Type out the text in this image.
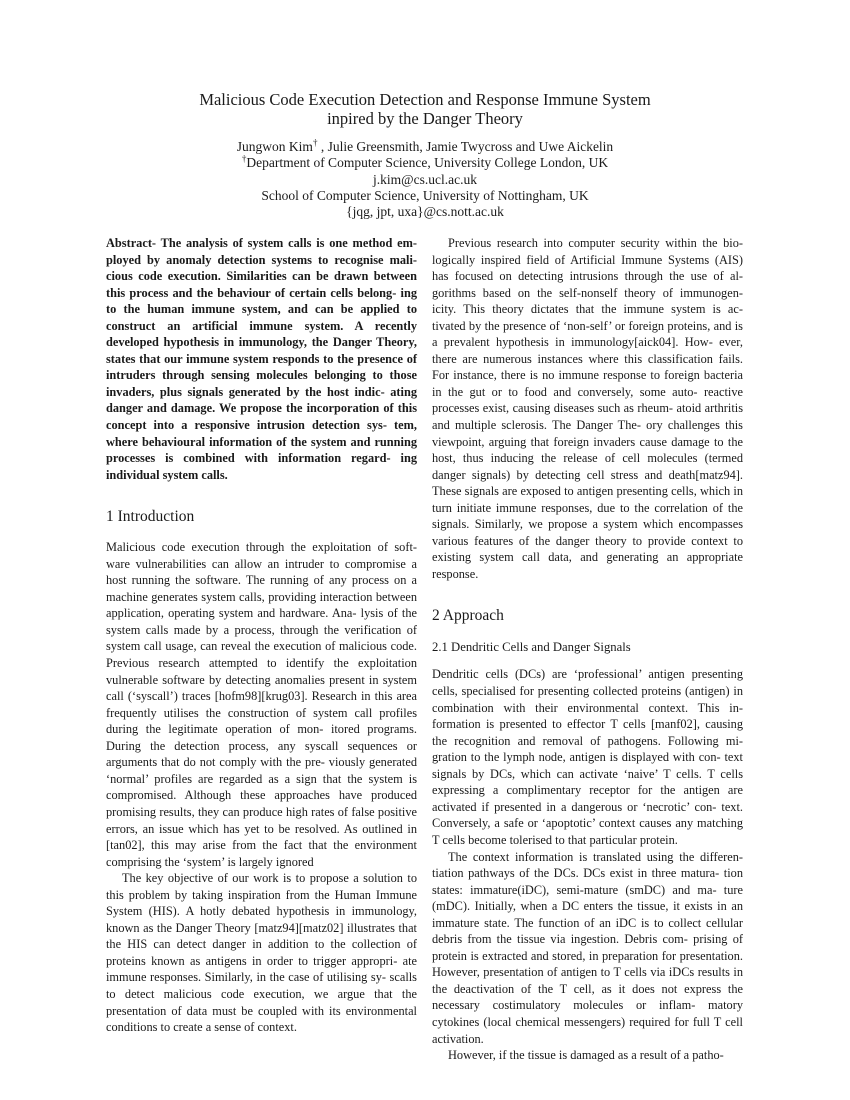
Malicious Code Execution Detection and Response Immune System

inpired by the Danger Theory

Jungwon Kim† , Julie Greensmith, Jamie Twycross and Uwe Aickelin

†Department of Computer Science, University College London, UK

j.kim@cs.ucl.ac.uk

School of Computer Science, University of Nottingham, UK

{jqg, jpt, uxa}@cs.nott.ac.uk

Abstract- The analysis of system calls is one method em- ployed by anomaly detection systems to recognise mali- cious code execution. Similarities can be drawn between this process and the behaviour of certain cells belong- ing to the human immune system, and can be applied to construct an artificial immune system. A recently developed hypothesis in immunology, the Danger Theory, states that our immune system responds to the presence of intruders through sensing molecules belonging to those invaders, plus signals generated by the host indic- ating danger and damage. We propose the incorporation of this concept into a responsive intrusion detection sys- tem, where behavioural information of the system and running processes is combined with information regard- ing individual system calls.

1 Introduction

Malicious code execution through the exploitation of soft- ware vulnerabilities can allow an intruder to compromise a host running the software. The running of any process on a machine generates system calls, providing interaction between application, operating system and hardware. Ana- lysis of the system calls made by a process, through the verification of system call usage, can reveal the execution of malicious code. Previous research attempted to identify the exploitation vulnerable software by detecting anomalies present in system call (‘syscall’) traces [hofm98][krug03]. Research in this area frequently utilises the construction of system call profiles during the legitimate operation of mon- itored programs. During the detection process, any syscall sequences or arguments that do not comply with the pre- viously generated ‘normal’ profiles are regarded as a sign that the system is compromised. Although these approaches have produced promising results, they can produce high rates of false positive errors, an issue which has yet to be resolved. As outlined in [tan02], this may arise from the fact that the environment comprising the ‘system’ is largely ignored

The key objective of our work is to propose a solution to this problem by taking inspiration from the Human Immune System (HIS). A hotly debated hypothesis in immunology, known as the Danger Theory [matz94][matz02] illustrates that the HIS can detect danger in addition to the collection of proteins known as antigens in order to trigger appropri- ate immune responses. Similarly, in the case of utilising sy- scalls to detect malicious code execution, we argue that the presentation of data must be coupled with its environmental conditions to create a sense of context.

Previous research into computer security within the bio- logically inspired field of Artificial Immune Systems (AIS) has focused on detecting intrusions through the use of al- gorithms based on the self-nonself theory of immunogen- icity. This theory dictates that the immune system is ac- tivated by the presence of ‘non-self’ or foreign proteins, and is a prevalent hypothesis in immunology[aick04]. How- ever, there are numerous instances where this classification fails. For instance, there is no immune response to foreign bacteria in the gut or to food and conversely, some auto- reactive processes exist, causing diseases such as rheum- atoid arthritis and multiple sclerosis. The Danger The- ory challenges this viewpoint, arguing that foreign invaders cause damage to the host, thus inducing the release of cell molecules (termed danger signals) by detecting cell stress and death[matz94]. These signals are exposed to antigen presenting cells, which in turn initiate immune responses, due to the correlation of the signals. Similarly, we propose a system which encompasses various features of the danger theory to provide context to existing system call data, and generating an appropriate response.

2 Approach
2.1 Dendritic Cells and Danger Signals

Dendritic cells (DCs) are ‘professional’ antigen presenting cells, specialised for presenting collected proteins (antigen) in combination with their environmental context. This in- formation is presented to effector T cells [manf02], causing the recognition and removal of pathogens. Following mi- gration to the lymph node, antigen is displayed with con- text signals by DCs, which can activate ‘naive’ T cells. T cells expressing a complimentary receptor for the antigen are activated if presented in a dangerous or ‘necrotic’ con- text. Conversely, a safe or ‘apoptotic’ context causes any matching T cells become tolerised to that particular protein.

The context information is translated using the differen- tiation pathways of the DCs. DCs exist in three matura- tion states: immature(iDC), semi-mature (smDC) and ma- ture (mDC). Initially, when a DC enters the tissue, it exists in an immature state. The function of an iDC is to collect cellular debris from the tissue via ingestion. Debris com- prising of protein is extracted and stored, in preparation for presentation. However, presentation of antigen to T cells via iDCs results in the deactivation of the T cell, as it does not express the necessary costimulatory molecules or inflam- matory cytokines (local chemical messengers) required for full T cell activation.

However, if the tissue is damaged as a result of a patho-
